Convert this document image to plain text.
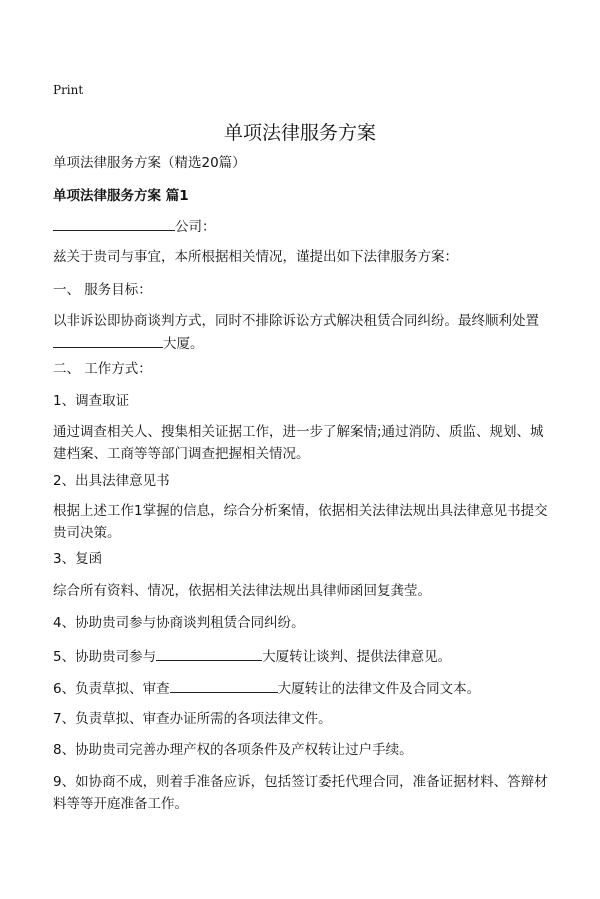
Print
单项法律服务方案
单项法律服务方案（精选20篇）
单项法律服务方案 篇1
公司：
兹关于贵司与事宜，本所根据相关情况，谨提出如下法律服务方案：
一、 服务目标：
以非诉讼即协商谈判方式，同时不排除诉讼方式解决租赁合同纠纷。最终顺利处置大厦。
二、 工作方式：
1、调查取证
通过调查相关人、搜集相关证据工作，进一步了解案情;通过消防、质监、规划、城建档案、工商等等部门调查把握相关情况。
2、出具法律意见书
根据上述工作1掌握的信息，综合分析案情，依据相关法律法规出具法律意见书提交贵司决策。
3、复函
综合所有资料、情况，依据相关法律法规出具律师函回复龚莹。
4、协助贵司参与协商谈判租赁合同纠纷。
5、协助贵司参与	大厦转让谈判、提供法律意见。
6、负责草拟、审查	大厦转让的法律文件及合同文本。
7、负责草拟、审查办证所需的各项法律文件。
8、协助贵司完善办理产权的各项条件及产权转让过户手续。
9、如协商不成，则着手准备应诉，包括签订委托代理合同，准备证据材料、答辩材料等等开庭准备工作。
